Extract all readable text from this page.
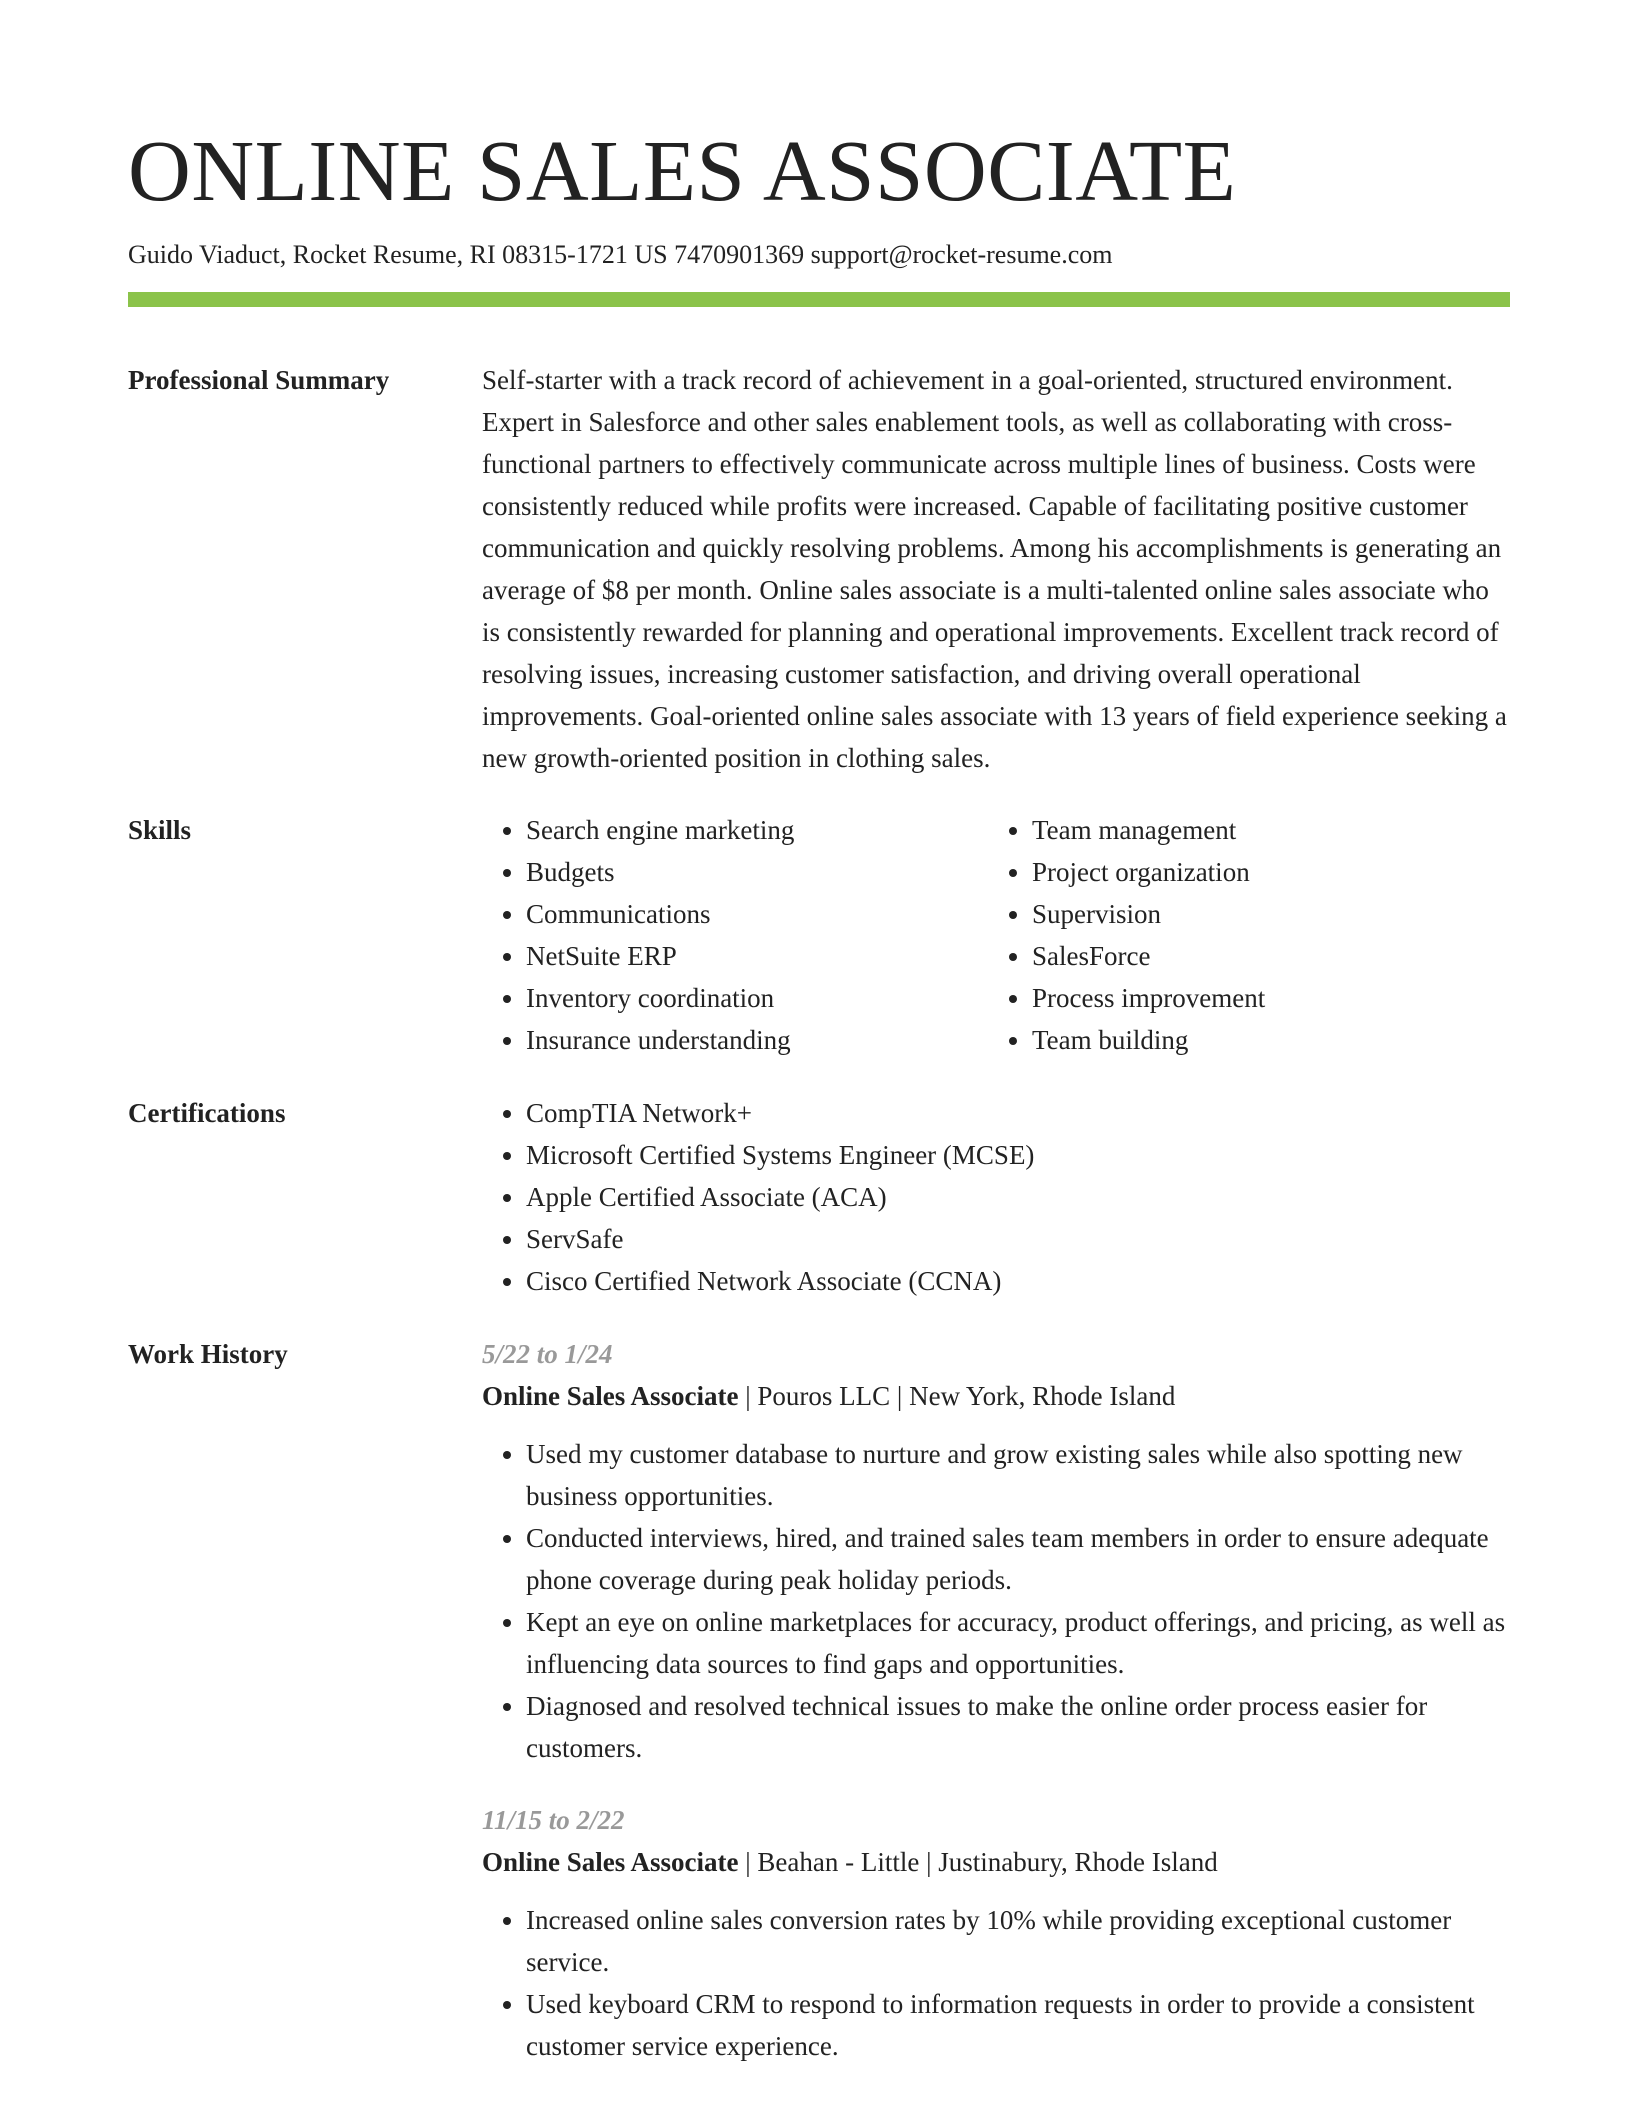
ONLINE SALES ASSOCIATE
Guido Viaduct, Rocket Resume, RI 08315-1721 US 7470901369 support@rocket-resume.com
Professional Summary	Self-starter with a track record of achievement in a goal-oriented, structured environment. Expert in Salesforce and other sales enablement tools, as well as collaborating with cross-functional partners to effectively communicate across multiple lines of business. Costs were consistently reduced while profits were increased. Capable of facilitating positive customer communication and quickly resolving problems. Among his accomplishments is generating an average of $8 per month. Online sales associate is a multi-talented online sales associate who is consistently rewarded for planning and operational improvements. Excellent track record of resolving issues, increasing customer satisfaction, and driving overall operational improvements. Goal-oriented online sales associate with 13 years of field experience seeking a new growth-oriented position in clothing sales.
Skills	• Search engine marketing
• Budgets
• Communications
• NetSuite ERP
• Inventory coordination
• Insurance understanding
• Team management
• Project organization
• Supervision
• SalesForce
• Process improvement
• Team building
Certifications	• CompTIA Network+
• Microsoft Certified Systems Engineer (MCSE)
• Apple Certified Associate (ACA)
• ServSafe
• Cisco Certified Network Associate (CCNA)
Work History	5/22 to 1/24
Online Sales Associate | Pouros LLC | New York, Rhode Island
• Used my customer database to nurture and grow existing sales while also spotting new business opportunities.
• Conducted interviews, hired, and trained sales team members in order to ensure adequate phone coverage during peak holiday periods.
• Kept an eye on online marketplaces for accuracy, product offerings, and pricing, as well as influencing data sources to find gaps and opportunities.
• Diagnosed and resolved technical issues to make the online order process easier for customers.
11/15 to 2/22
Online Sales Associate | Beahan - Little | Justinabury, Rhode Island
• Increased online sales conversion rates by 10% while providing exceptional customer service.
• Used keyboard CRM to respond to information requests in order to provide a consistent customer service experience.
